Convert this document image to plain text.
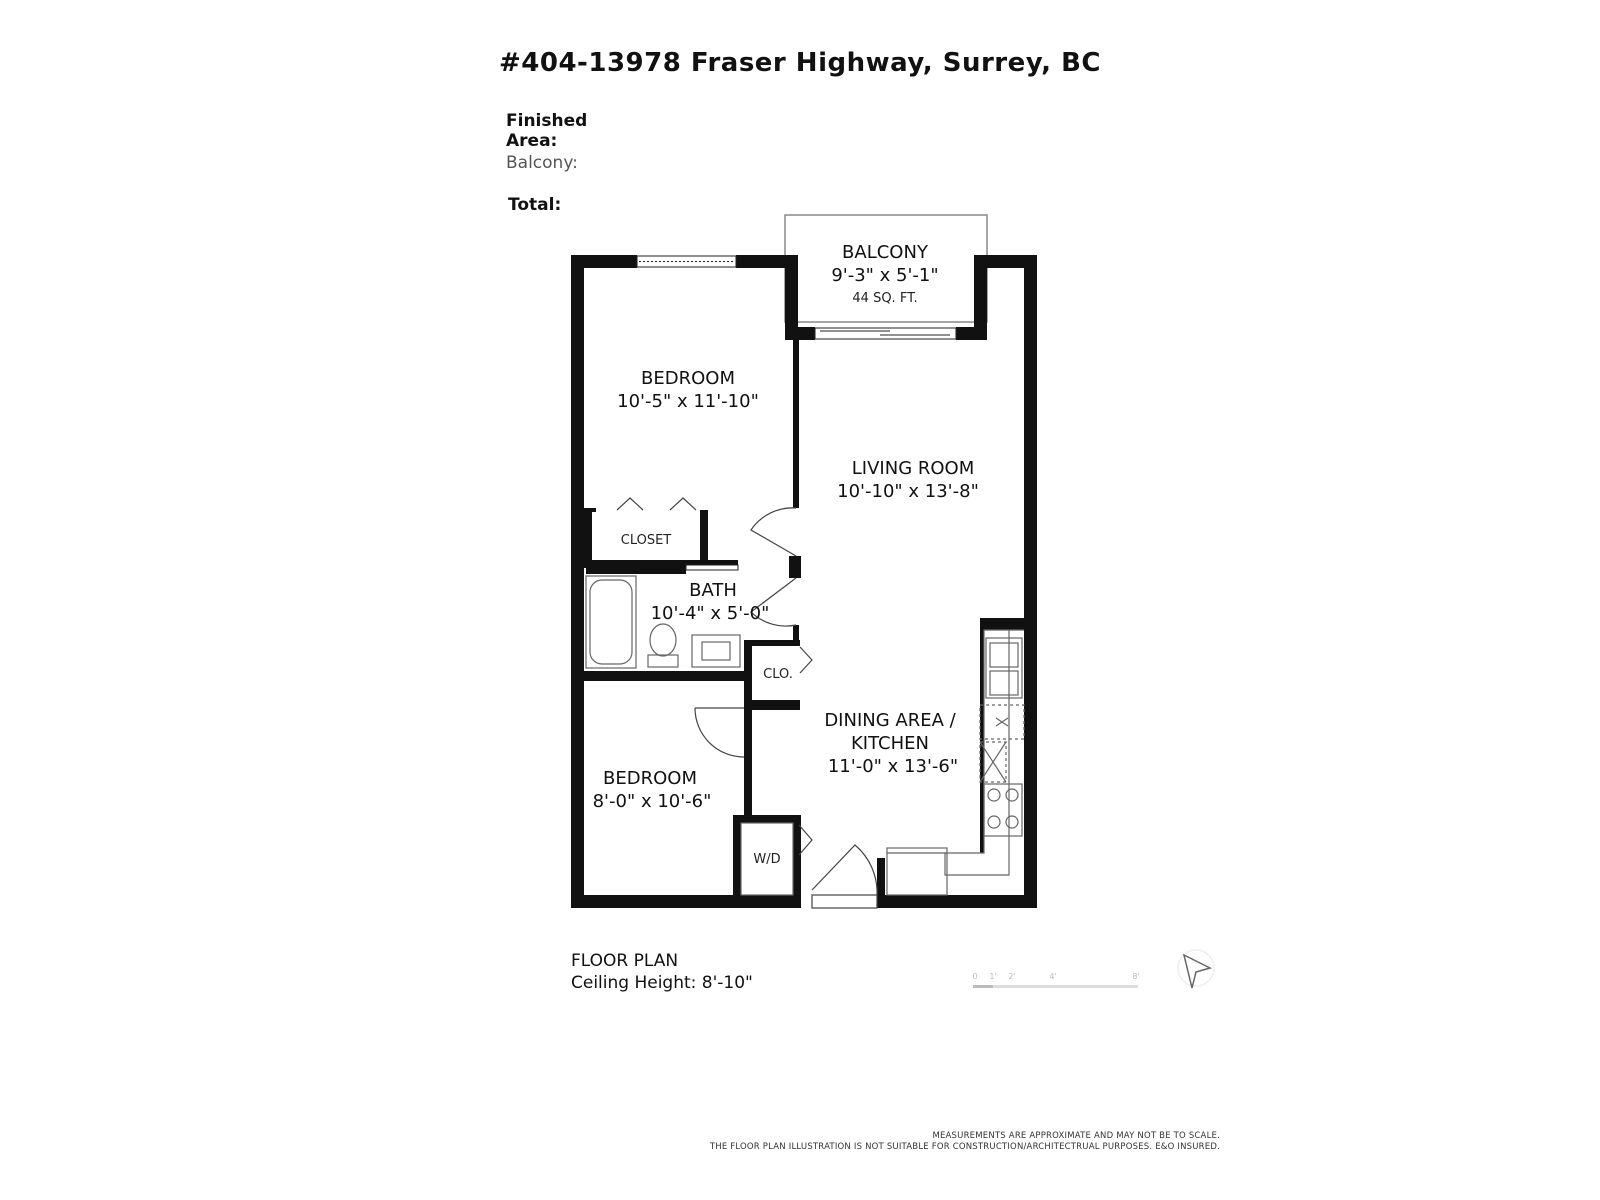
#404-13978 Fraser Highway, Surrey, BC
Finished Area:
Balcony:
Total:
BALCONY
9'-3" x 5'-1"
44 SQ. FT.
BEDROOM
10'-5" x 11'-10"
LIVING ROOM
10'-10" x 13'-8"
CLOSET
BATH
10'-4" x 5'-0"
CLO.
DINING AREA /
KITCHEN
11'-0" x 13'-6"
BEDROOM
8'-0" x 10'-6"
W/D
0 1' 2'	4'	8'
FLOOR PLAN
Ceiling Height: 8'-10"
MEASUREMENTS ARE APPROXIMATE AND MAY NOT BE TO SCALE.
THE FLOOR PLAN ILLUSTRATION IS NOT SUITABLE FOR CONSTRUCTION/ARCHITECTRUAL PURPOSES. E&O INSURED.
